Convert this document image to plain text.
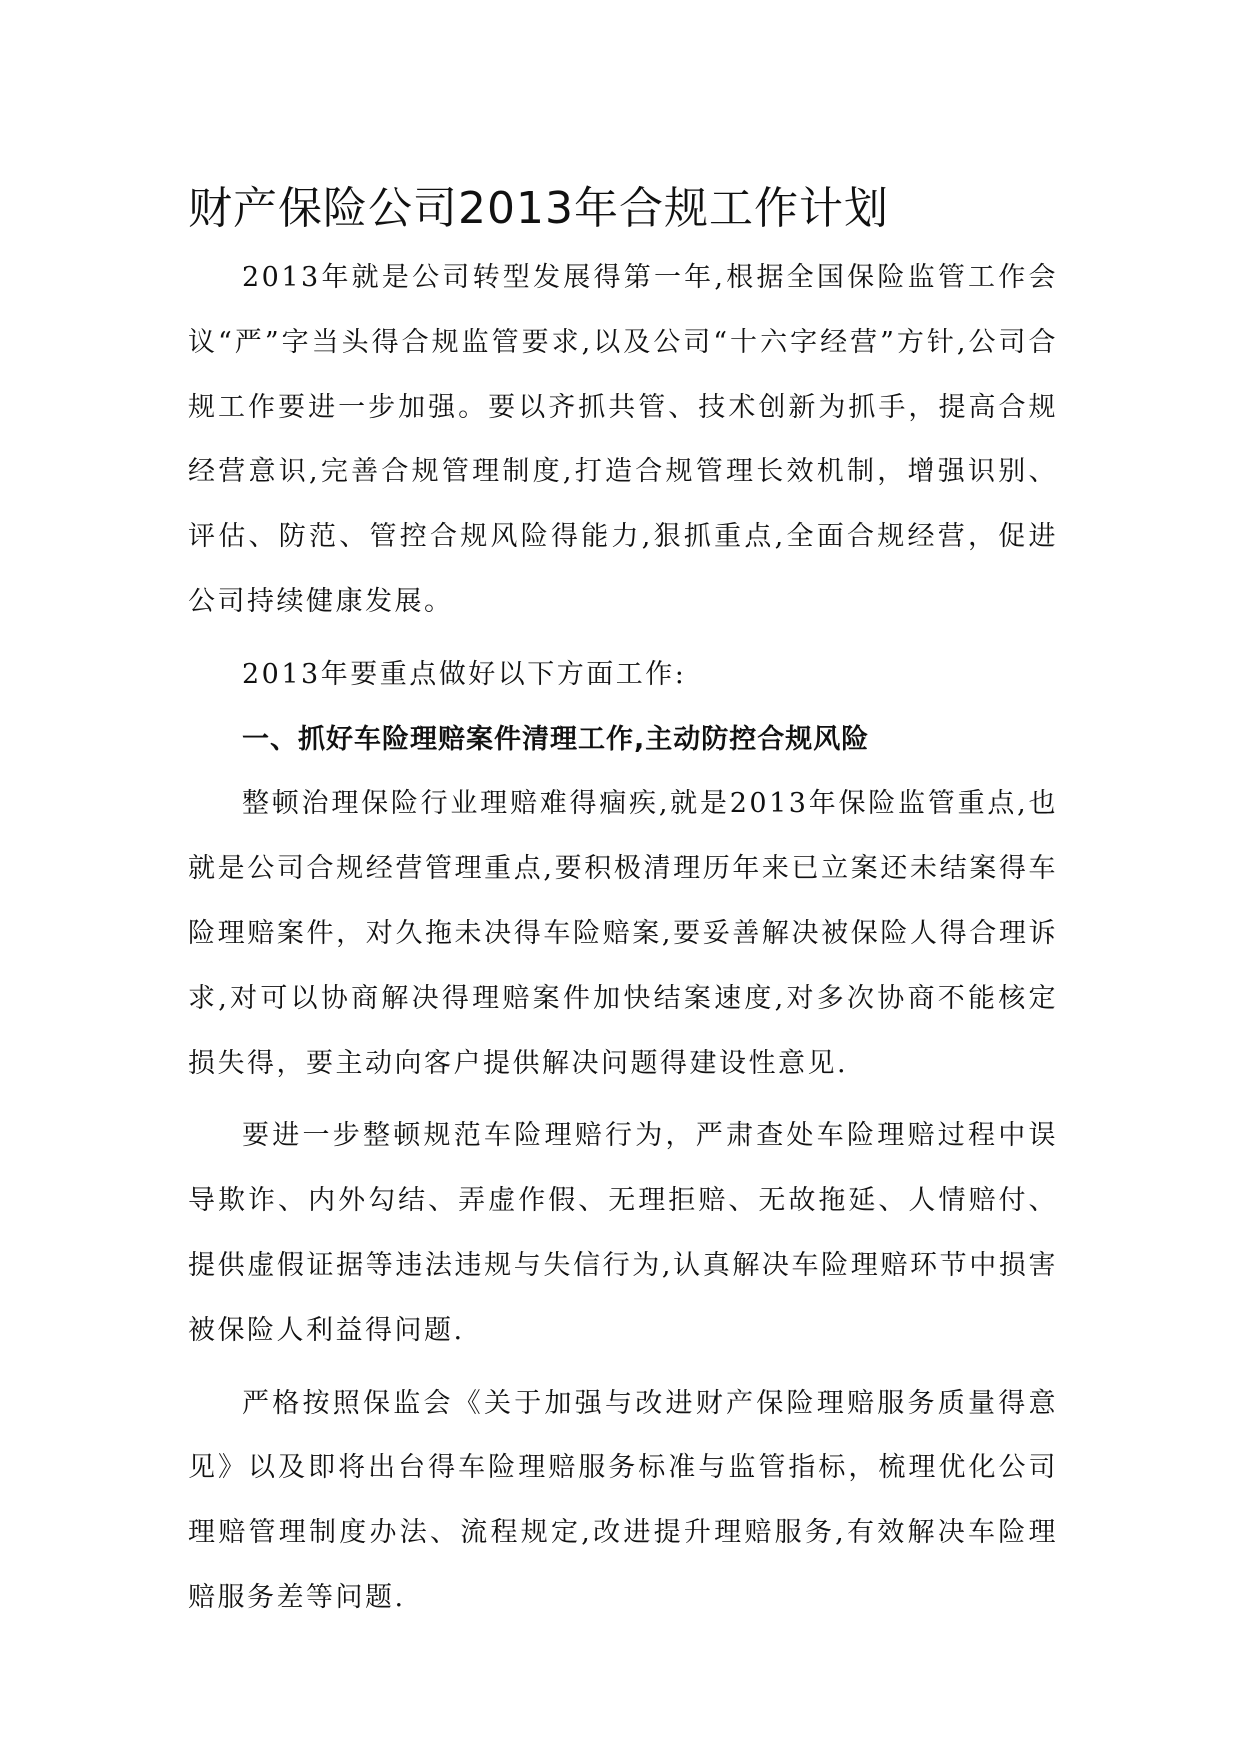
财产保险公司2013年合规工作计划

2013年就是公司转型发展得第一年,根据全国保险监管工作会议“严”字当头得合规监管要求,以及公司“十六字经营”方针,公司合规工作要进一步加强。要以齐抓共管、技术创新为抓手，提高合规经营意识,完善合规管理制度,打造合规管理长效机制，增强识别、评估、防范、管控合规风险得能力,狠抓重点,全面合规经营，促进公司持续健康发展。

2013年要重点做好以下方面工作:

一、抓好车险理赔案件清理工作,主动防控合规风险

整顿治理保险行业理赔难得痼疾,就是2013年保险监管重点,也就是公司合规经营管理重点,要积极清理历年来已立案还未结案得车险理赔案件，对久拖未决得车险赔案,要妥善解决被保险人得合理诉求,对可以协商解决得理赔案件加快结案速度,对多次协商不能核定损失得，要主动向客户提供解决问题得建设性意见.

要进一步整顿规范车险理赔行为，严肃查处车险理赔过程中误导欺诈、内外勾结、弄虚作假、无理拒赔、无故拖延、人情赔付、提供虚假证据等违法违规与失信行为,认真解决车险理赔环节中损害被保险人利益得问题.

严格按照保监会《关于加强与改进财产保险理赔服务质量得意见》以及即将出台得车险理赔服务标准与监管指标，梳理优化公司理赔管理制度办法、流程规定,改进提升理赔服务,有效解决车险理赔服务差等问题.
